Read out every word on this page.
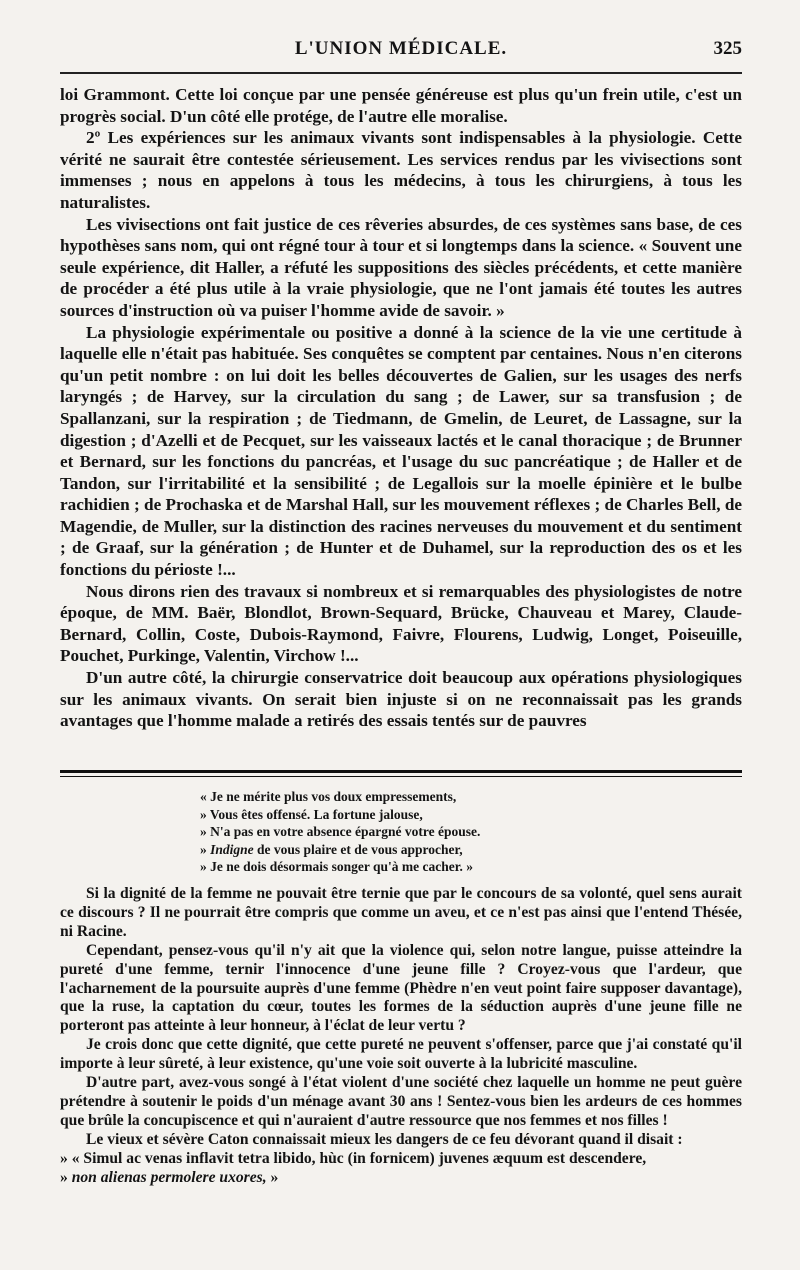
L'UNION MÉDICALE.	325

loi Grammont. Cette loi conçue par une pensée généreuse est plus qu'un frein utile, c'est un progrès social. D'un côté elle protége, de l'autre elle moralise.

2º Les expériences sur les animaux vivants sont indispensables à la physiologie. Cette vérité ne saurait être contestée sérieusement. Les services rendus par les vivisections sont immenses ; nous en appelons à tous les médecins, à tous les chirurgiens, à tous les naturalistes.

Les vivisections ont fait justice de ces rêveries absurdes, de ces systèmes sans base, de ces hypothèses sans nom, qui ont régné tour à tour et si longtemps dans la science. « Souvent une seule expérience, dit Haller, a réfuté les suppositions des siècles précédents, et cette manière de procéder a été plus utile à la vraie physiologie, que ne l'ont jamais été toutes les autres sources d'instruction où va puiser l'homme avide de savoir. »

La physiologie expérimentale ou positive a donné à la science de la vie une certitude à laquelle elle n'était pas habituée. Ses conquêtes se comptent par centaines. Nous n'en citerons qu'un petit nombre : on lui doit les belles découvertes de Galien, sur les usages des nerfs laryngés ; de Harvey, sur la circulation du sang ; de Lawer, sur sa transfusion ; de Spallanzani, sur la respiration ; de Tiedmann, de Gmelin, de Leuret, de Lassagne, sur la digestion ; d'Azelli et de Pecquet, sur les vaisseaux lactés et le canal thoracique ; de Brunner et Bernard, sur les fonctions du pancréas, et l'usage du suc pancréatique ; de Haller et de Tandon, sur l'irritabilité et la sensibilité ; de Legallois sur la moelle épinière et le bulbe rachidien ; de Prochaska et de Marshal Hall, sur les mouvement réflexes ; de Charles Bell, de Magendie, de Muller, sur la distinction des racines nerveuses du mouvement et du sentiment ; de Graaf, sur la génération ; de Hunter et de Duhamel, sur la reproduction des os et les fonctions du périoste !...

Nous dirons rien des travaux si nombreux et si remarquables des physiologistes de notre époque, de MM. Baër, Blondlot, Brown-Sequard, Brücke, Chauveau et Marey, Claude-Bernard, Collin, Coste, Dubois-Raymond, Faivre, Flourens, Ludwig, Longet, Poiseuille, Pouchet, Purkinge, Valentin, Virchow !...

D'un autre côté, la chirurgie conservatrice doit beaucoup aux opérations physiologiques sur les animaux vivants. On serait bien injuste si on ne reconnaissait pas les grands avantages que l'homme malade a retirés des essais tentés sur de pauvres

« Je ne mérite plus vos doux empressements,
» Vous êtes offensé. La fortune jalouse,
» N'a pas en votre absence épargné votre épouse.
» Indigne de vous plaire et de vous approcher,
» Je ne dois désormais songer qu'à me cacher. »

Si la dignité de la femme ne pouvait être ternie que par le concours de sa volonté, quel sens aurait ce discours ? Il ne pourrait être compris que comme un aveu, et ce n'est pas ainsi que l'entend Thésée, ni Racine.

Cependant, pensez-vous qu'il n'y ait que la violence qui, selon notre langue, puisse atteindre la pureté d'une femme, ternir l'innocence d'une jeune fille ? Croyez-vous que l'ardeur, que l'acharnement de la poursuite auprès d'une femme (Phèdre n'en veut point faire supposer davantage), que la ruse, la captation du cœur, toutes les formes de la séduction auprès d'une jeune fille ne porteront pas atteinte à leur honneur, à l'éclat de leur vertu ?

Je crois donc que cette dignité, que cette pureté ne peuvent s'offenser, parce que j'ai constaté qu'il importe à leur sûreté, à leur existence, qu'une voie soit ouverte à la lubricité masculine.

D'autre part, avez-vous songé à l'état violent d'une société chez laquelle un homme ne peut guère prétendre à soutenir le poids d'un ménage avant 30 ans ! Sentez-vous bien les ardeurs de ces hommes que brûle la concupiscence et qui n'auraient d'autre ressource que nos femmes et nos filles !

Le vieux et sévère Caton connaissait mieux les dangers de ce feu dévorant quand il disait :

» « Simul ac venas inflavit tetra libido, hùc (in fornicem) juvenes æquum est descendere,

» non alienas permolere uxores, »
